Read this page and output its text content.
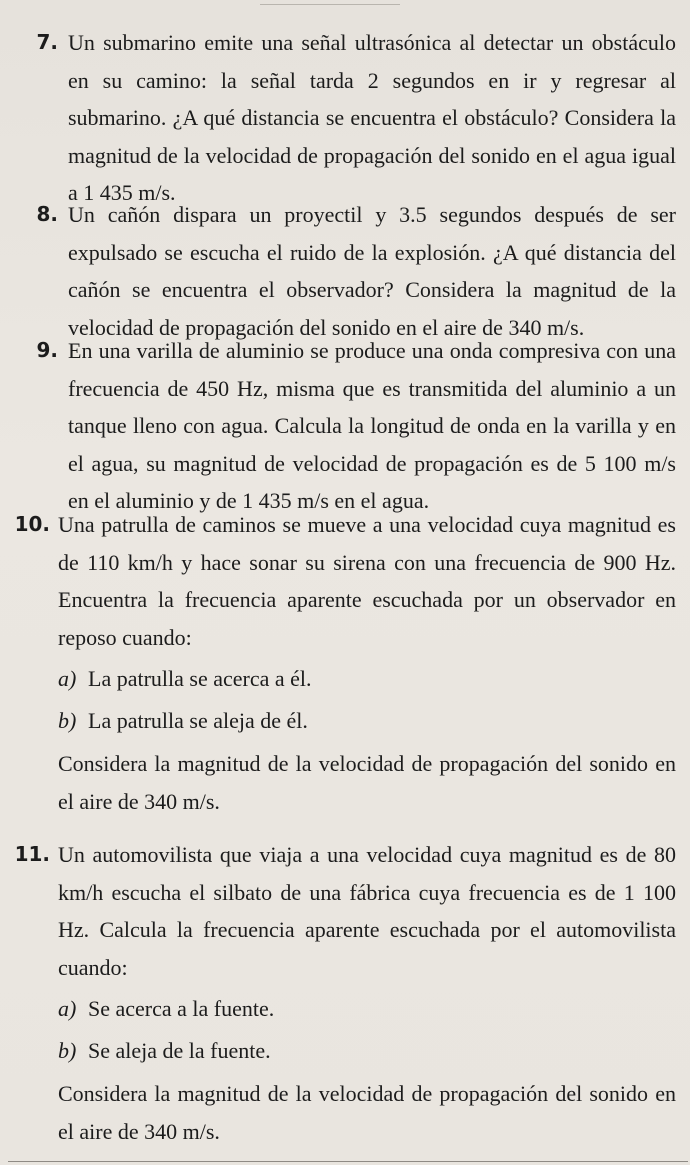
7. Un submarino emite una señal ultrasónica al detectar un obstáculo en su camino: la señal tarda 2 segundos en ir y regresar al submarino. ¿A qué distancia se encuentra el obstáculo? Considera la magnitud de la velocidad de propagación del sonido en el agua igual a 1 435 m/s.

8. Un cañón dispara un proyectil y 3.5 segundos después de ser expulsado se escucha el ruido de la explosión. ¿A qué distancia del cañón se encuentra el observador? Considera la magnitud de la velocidad de propagación del sonido en el aire de 340 m/s.

9. En una varilla de aluminio se produce una onda compresiva con una frecuencia de 450 Hz, misma que es transmitida del aluminio a un tanque lleno con agua. Calcula la longitud de onda en la varilla y en el agua, su magnitud de velocidad de propagación es de 5 100 m/s en el aluminio y de 1 435 m/s en el agua.

10. Una patrulla de caminos se mueve a una velocidad cuya magnitud es de 110 km/h y hace sonar su sirena con una frecuencia de 900 Hz. Encuentra la frecuencia aparente escuchada por un observador en reposo cuando:

a) La patrulla se acerca a él.

b) La patrulla se aleja de él.

Considera la magnitud de la velocidad de propagación del sonido en el aire de 340 m/s.

11. Un automovilista que viaja a una velocidad cuya magnitud es de 80 km/h escucha el silbato de una fábrica cuya frecuencia es de 1 100 Hz. Calcula la frecuencia aparente escuchada por el automovilista cuando:

a) Se acerca a la fuente.

b) Se aleja de la fuente.

Considera la magnitud de la velocidad de propagación del sonido en el aire de 340 m/s.
